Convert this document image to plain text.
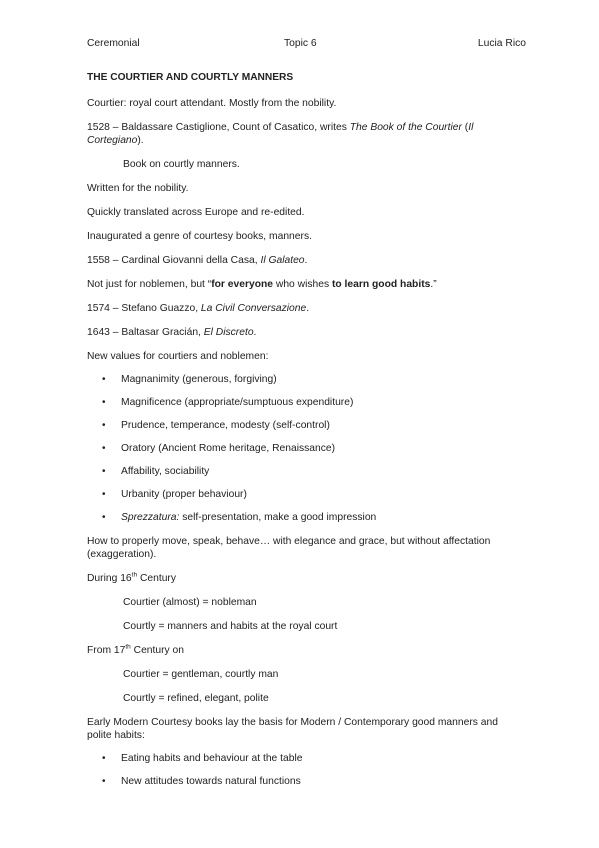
Ceremonial	Topic 6	Lucia Rico

THE COURTIER AND COURTLY MANNERS

Courtier: royal court attendant. Mostly from the nobility.

1528 – Baldassare Castiglione, Count of Casatico, writes The Book of the Courtier (Il
Cortegiano).

Book on courtly manners.

Written for the nobility.

Quickly translated across Europe and re-edited.

Inaugurated a genre of courtesy books, manners.

1558 – Cardinal Giovanni della Casa, Il Galateo.

Not just for noblemen, but “for everyone who wishes to learn good habits.”

1574 – Stefano Guazzo, La Civil Conversazione.

1643 – Baltasar Gracián, El Discreto.

New values for courtiers and noblemen:

• Magnanimity (generous, forgiving)

• Magnificence (appropriate/sumptuous expenditure)

• Prudence, temperance, modesty (self-control)

• Oratory (Ancient Rome heritage, Renaissance)

• Affability, sociability

• Urbanity (proper behaviour)

• Sprezzatura: self-presentation, make a good impression

How to properly move, speak, behave… with elegance and grace, but without affectation
(exaggeration).

During 16th Century

Courtier (almost) = nobleman

Courtly = manners and habits at the royal court

From 17th Century on

Courtier = gentleman, courtly man

Courtly = refined, elegant, polite

Early Modern Courtesy books lay the basis for Modern / Contemporary good manners and
polite habits:

• Eating habits and behaviour at the table

• New attitudes towards natural functions
